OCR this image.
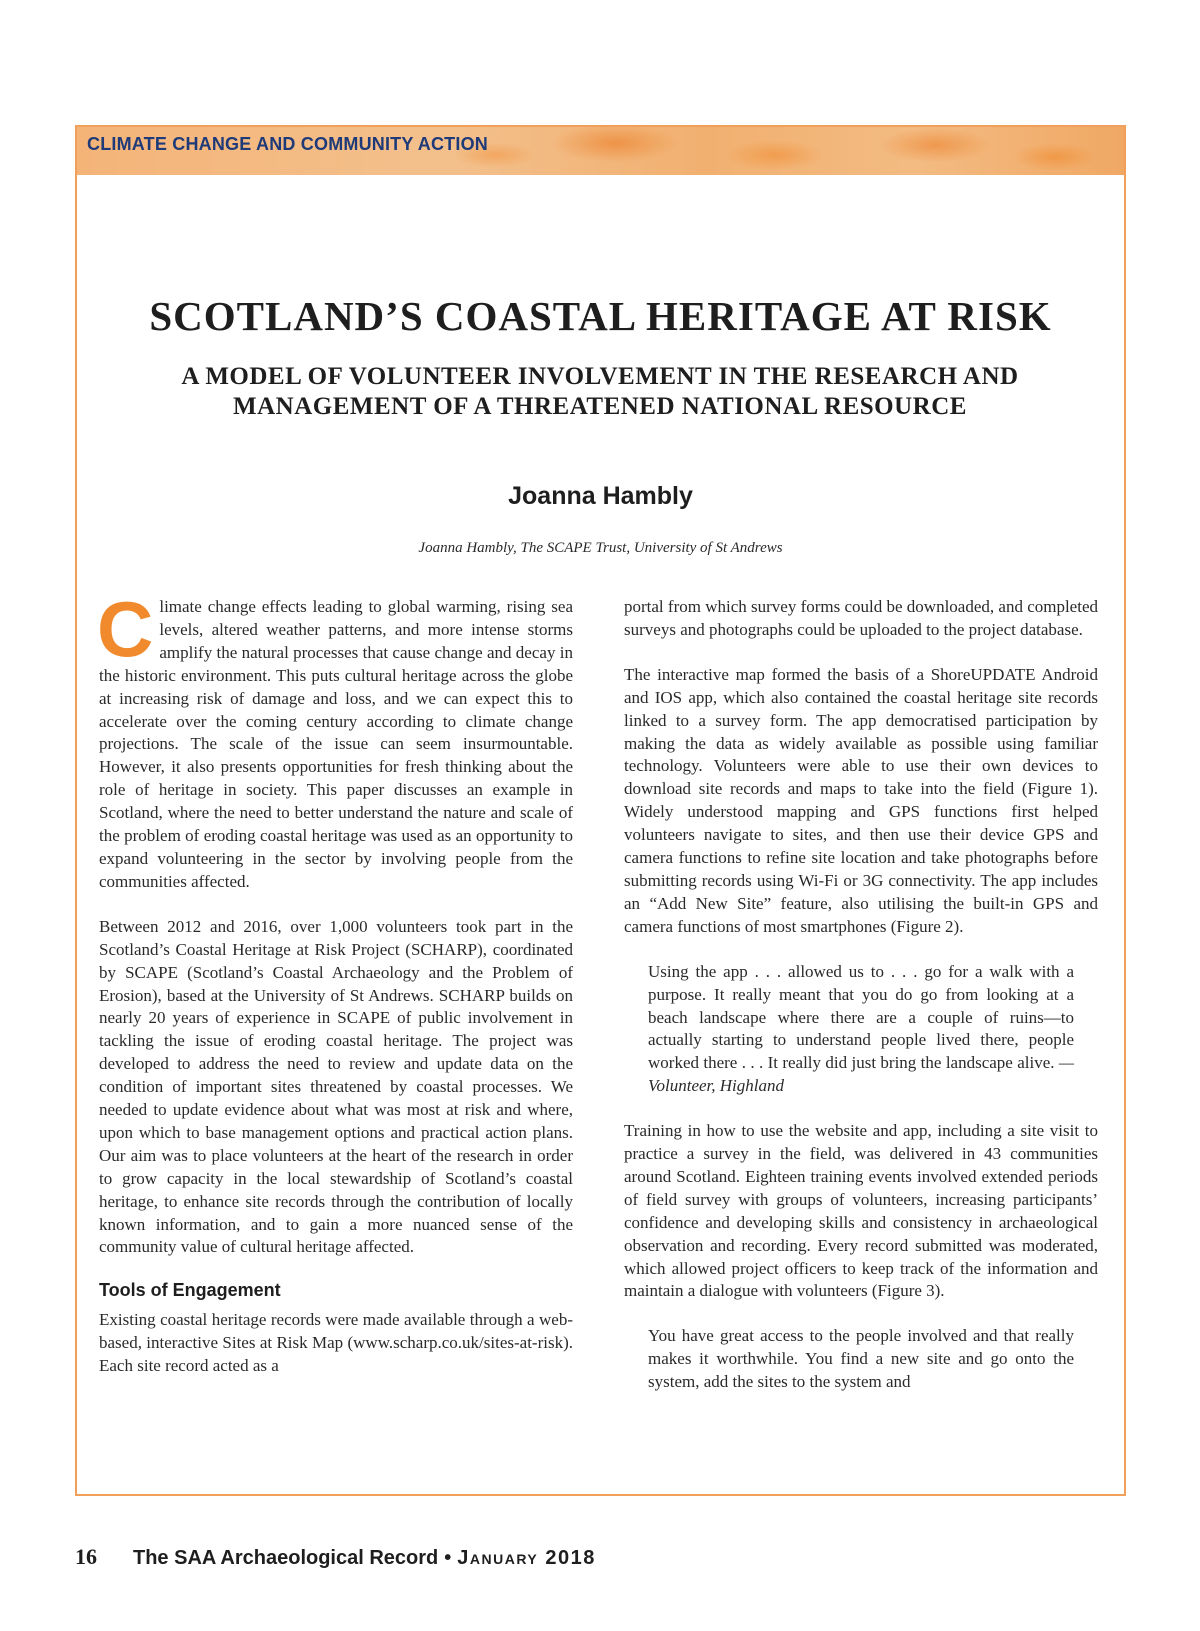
CLIMATE CHANGE AND COMMUNITY ACTION
SCOTLAND’S COASTAL HERITAGE AT RISK
A MODEL OF VOLUNTEER INVOLVEMENT IN THE RESEARCH AND MANAGEMENT OF A THREATENED NATIONAL RESOURCE
Joanna Hambly
Joanna Hambly, The SCAPE Trust, University of St Andrews

Climate change effects leading to global warming, rising sea levels, altered weather patterns, and more intense storms amplify the natural processes that cause change and decay in the historic environment. This puts cultural heritage across the globe at increasing risk of damage and loss, and we can expect this to accelerate over the coming century according to climate change projections. The scale of the issue can seem insurmountable. However, it also presents opportunities for fresh thinking about the role of heritage in society. This paper discusses an example in Scotland, where the need to better understand the nature and scale of the problem of eroding coastal heritage was used as an opportunity to expand volunteering in the sector by involving people from the communities affected.

Between 2012 and 2016, over 1,000 volunteers took part in the Scotland’s Coastal Heritage at Risk Project (SCHARP), coordinated by SCAPE (Scotland’s Coastal Archaeology and the Problem of Erosion), based at the University of St Andrews. SCHARP builds on nearly 20 years of experience in SCAPE of public involvement in tackling the issue of eroding coastal heritage. The project was developed to address the need to review and update data on the condition of important sites threatened by coastal processes. We needed to update evidence about what was most at risk and where, upon which to base management options and practical action plans. Our aim was to place volunteers at the heart of the research in order to grow capacity in the local stewardship of Scotland’s coastal heritage, to enhance site records through the contribution of locally known information, and to gain a more nuanced sense of the community value of cultural heritage affected.

Tools of Engagement

Existing coastal heritage records were made available through a web-based, interactive Sites at Risk Map (www.scharp.co.uk/sites-at-risk). Each site record acted as a

portal from which survey forms could be downloaded, and completed surveys and photographs could be uploaded to the project database.

The interactive map formed the basis of a ShoreUPDATE Android and IOS app, which also contained the coastal heritage site records linked to a survey form. The app democratised participation by making the data as widely available as possible using familiar technology. Volunteers were able to use their own devices to download site records and maps to take into the field (Figure 1). Widely understood mapping and GPS functions first helped volunteers navigate to sites, and then use their device GPS and camera functions to refine site location and take photographs before submitting records using Wi-Fi or 3G connectivity. The app includes an “Add New Site” feature, also utilising the built-in GPS and camera functions of most smartphones (Figure 2).

Using the app . . . allowed us to . . . go for a walk with a purpose. It really meant that you do go from looking at a beach landscape where there are a couple of ruins—to actually starting to understand people lived there, people worked there . . . It really did just bring the landscape alive. —Volunteer, Highland

Training in how to use the website and app, including a site visit to practice a survey in the field, was delivered in 43 communities around Scotland. Eighteen training events involved extended periods of field survey with groups of volunteers, increasing participants’ confidence and developing skills and consistency in archaeological observation and recording. Every record submitted was moderated, which allowed project officers to keep track of the information and maintain a dialogue with volunteers (Figure 3).

You have great access to the people involved and that really makes it worthwhile. You find a new site and go onto the system, add the sites to the system and

16 The SAA Archaeological Record • January 2018
